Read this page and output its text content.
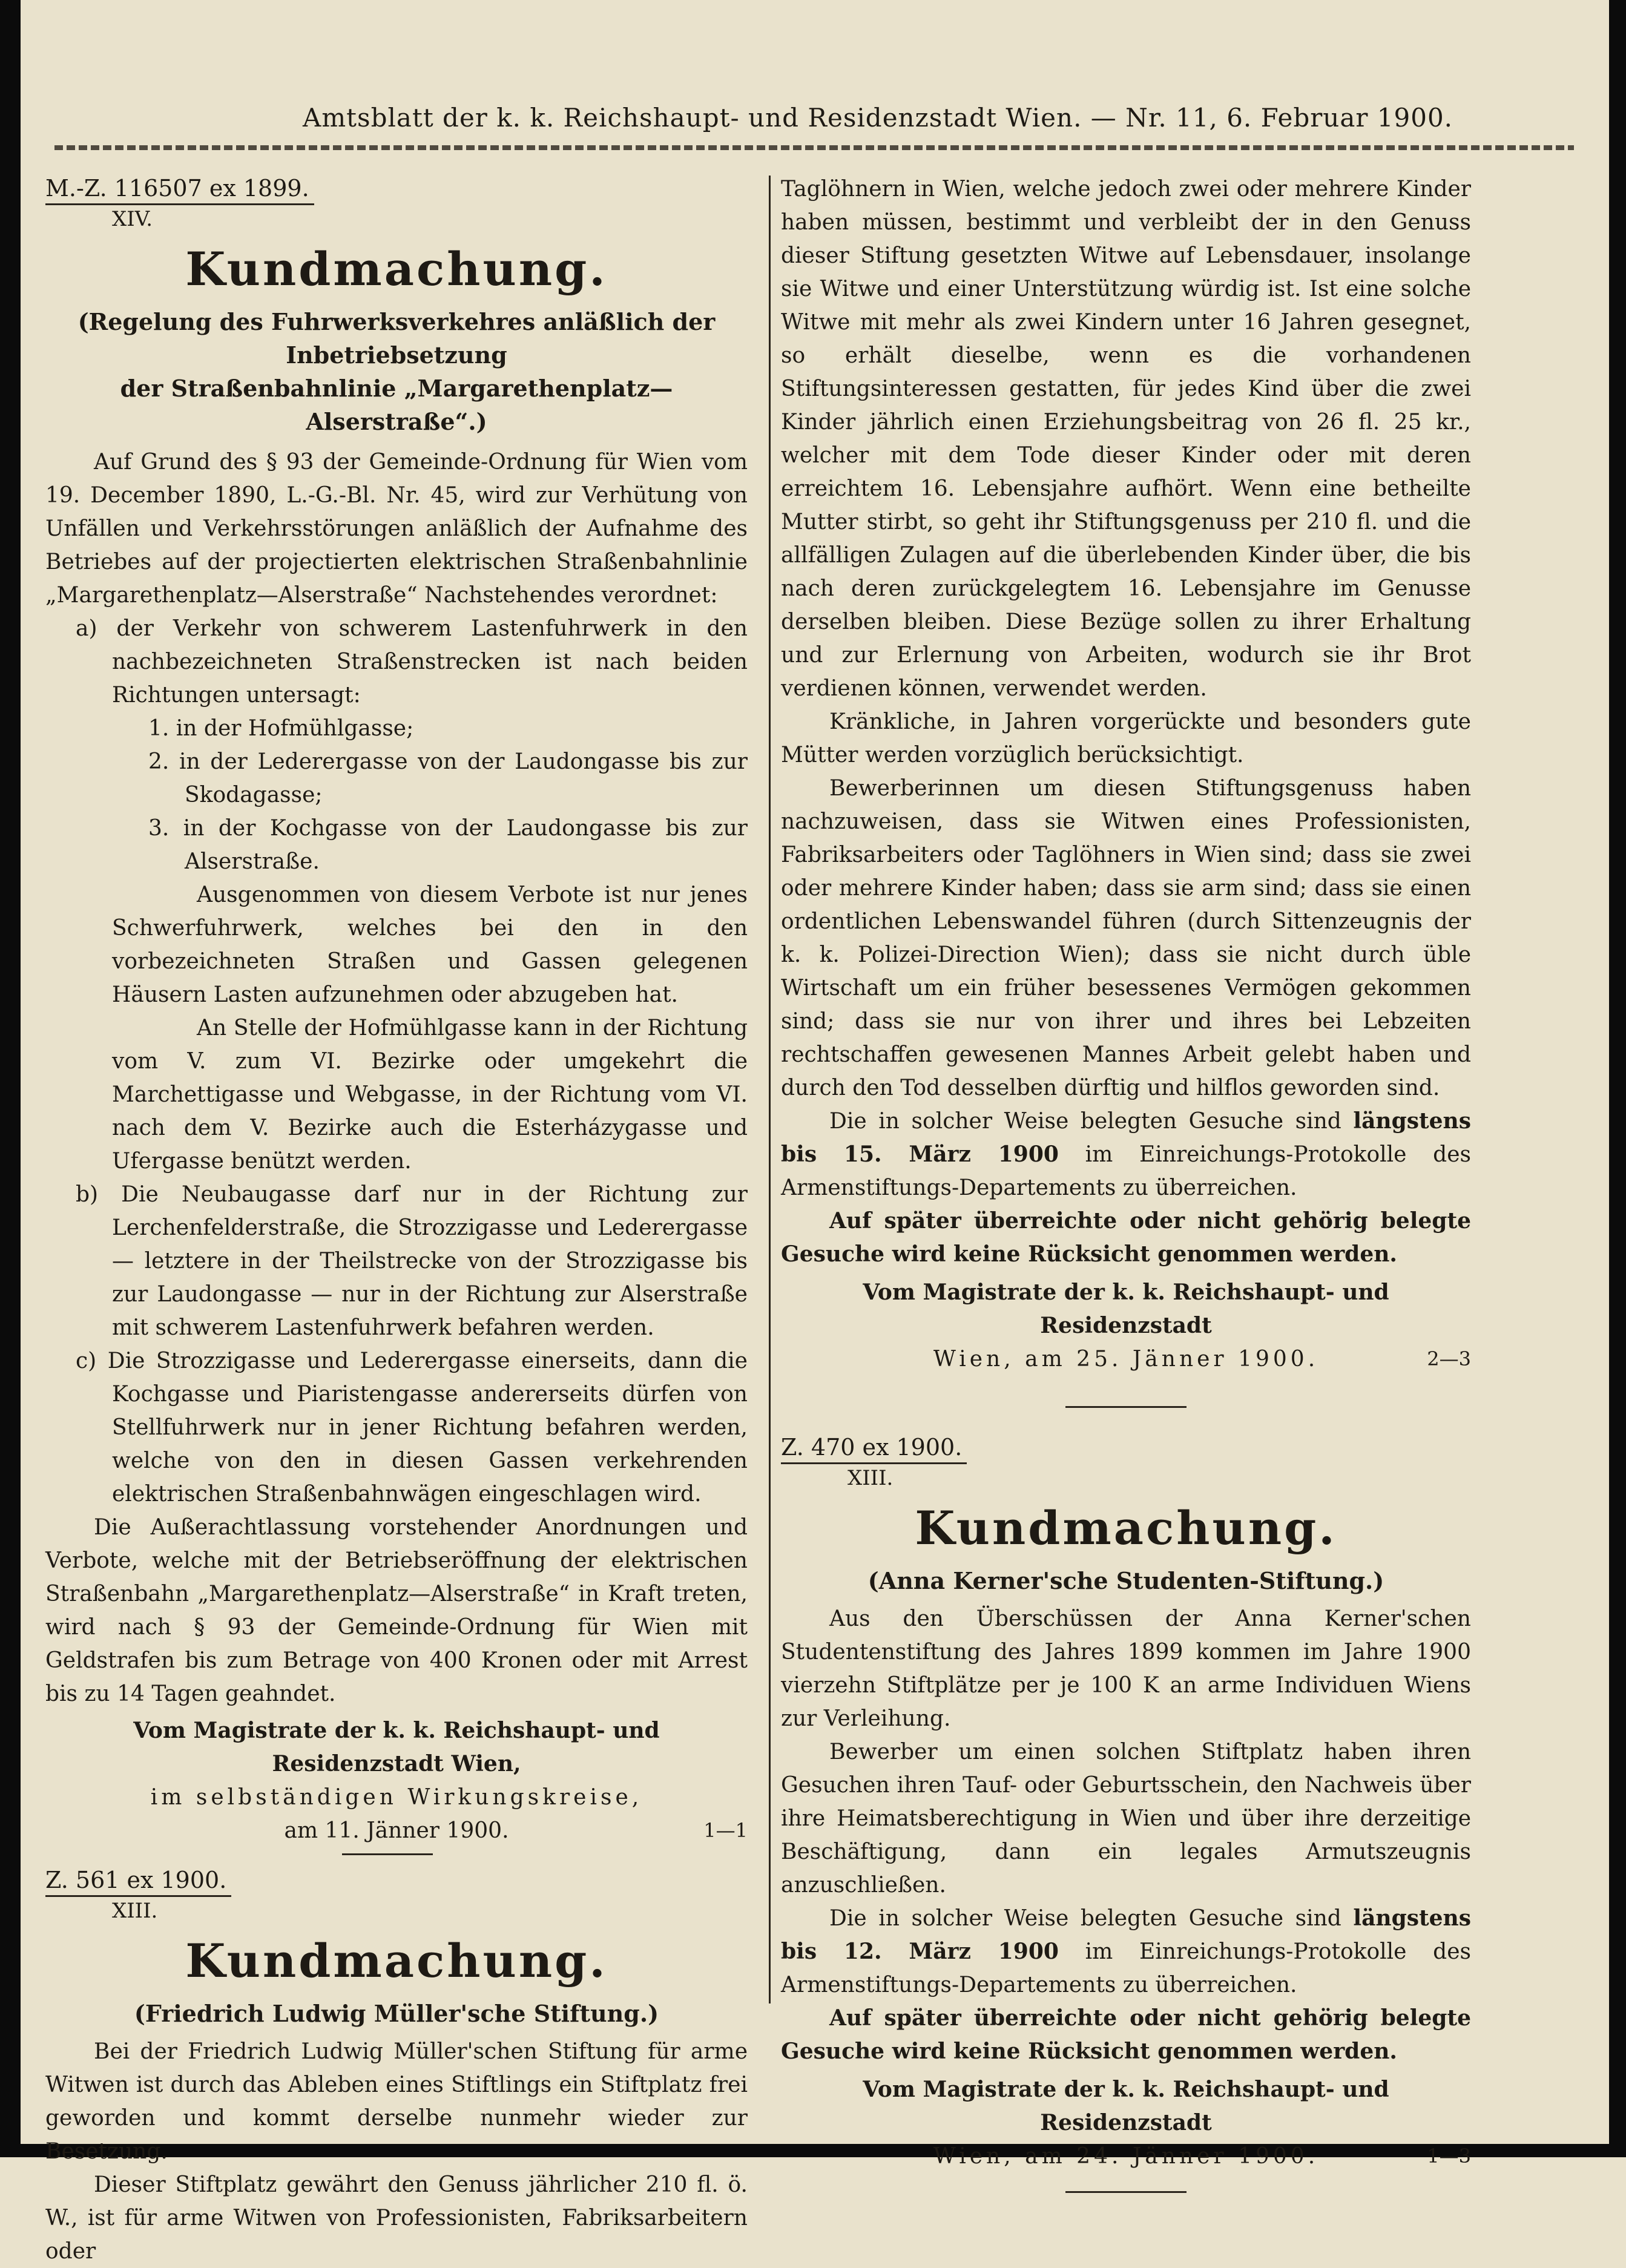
Amtsblatt der k. k. Reichshaupt- und Residenzstadt Wien. — Nr. 11, 6. Februar 1900.
M.-Z. 116507 ex 1899.
XIV.
Kundmachung.
(Regelung des Fuhrwerksverkehres anläßlich der Inbetriebsetzung
der Straßenbahnlinie „Margarethenplatz—Alserstraße“.)

Auf Grund des § 93 der Gemeinde-Ordnung für Wien vom 19. December 1890, L.-G.-Bl. Nr. 45, wird zur Verhütung von Unfällen und Verkehrsstörungen anläßlich der Aufnahme des Betriebes auf der projectierten elektrischen Straßenbahnlinie „Margarethenplatz—Alserstraße“ Nachstehendes verordnet:

a) der Verkehr von schwerem Lastenfuhrwerk in den nachbezeichneten Straßenstrecken ist nach beiden Richtungen untersagt:

1. in der Hofmühlgasse;

2. in der Lederergasse von der Laudongasse bis zur Skodagasse;

3. in der Kochgasse von der Laudongasse bis zur Alserstraße.

Ausgenommen von diesem Verbote ist nur jenes Schwerfuhrwerk, welches bei den in den vorbezeichneten Straßen und Gassen gelegenen Häusern Lasten aufzunehmen oder abzugeben hat.

An Stelle der Hofmühlgasse kann in der Richtung vom V. zum VI. Bezirke oder umgekehrt die Marchettigasse und Webgasse, in der Richtung vom VI. nach dem V. Bezirke auch die Esterházygasse und Ufergasse benützt werden.

b) Die Neubaugasse darf nur in der Richtung zur Lerchenfelderstraße, die Strozzigasse und Lederergasse — letztere in der Theilstrecke von der Strozzigasse bis zur Laudongasse — nur in der Richtung zur Alserstraße mit schwerem Lastenfuhrwerk befahren werden.

c) Die Strozzigasse und Lederergasse einerseits, dann die Kochgasse und Piaristengasse andererseits dürfen von Stellfuhrwerk nur in jener Richtung befahren werden, welche von den in diesen Gassen verkehrenden elektrischen Straßenbahnwägen eingeschlagen wird.

Die Außerachtlassung vorstehender Anordnungen und Verbote, welche mit der Betriebseröffnung der elektrischen Straßenbahn „Margarethenplatz—Alserstraße“ in Kraft treten, wird nach § 93 der Gemeinde-Ordnung für Wien mit Geldstrafen bis zum Betrage von 400 Kronen oder mit Arrest bis zu 14 Tagen geahndet.

Vom Magistrate der k. k. Reichshaupt- und Residenzstadt Wien,
im selbständigen Wirkungskreise,
am 11. Jänner 1900.	1—1
Z. 561 ex 1900.
XIII.
Kundmachung.
(Friedrich Ludwig Müller'sche Stiftung.)

Bei der Friedrich Ludwig Müller'schen Stiftung für arme Witwen ist durch das Ableben eines Stiftlings ein Stiftplatz frei geworden und kommt derselbe nunmehr wieder zur Besetzung.

Dieser Stiftplatz gewährt den Genuss jährlicher 210 fl. ö. W., ist für arme Witwen von Professionisten, Fabriksarbeitern oder

Taglöhnern in Wien, welche jedoch zwei oder mehrere Kinder haben müssen, bestimmt und verbleibt der in den Genuss dieser Stiftung gesetzten Witwe auf Lebensdauer, insolange sie Witwe und einer Unterstützung würdig ist. Ist eine solche Witwe mit mehr als zwei Kindern unter 16 Jahren gesegnet, so erhält dieselbe, wenn es die vorhandenen Stiftungsinteressen gestatten, für jedes Kind über die zwei Kinder jährlich einen Erziehungsbeitrag von 26 fl. 25 kr., welcher mit dem Tode dieser Kinder oder mit deren erreichtem 16. Lebensjahre aufhört. Wenn eine betheilte Mutter stirbt, so geht ihr Stiftungsgenuss per 210 fl. und die allfälligen Zulagen auf die überlebenden Kinder über, die bis nach deren zurückgelegtem 16. Lebensjahre im Genusse derselben bleiben. Diese Bezüge sollen zu ihrer Erhaltung und zur Erlernung von Arbeiten, wodurch sie ihr Brot verdienen können, verwendet werden.

Kränkliche, in Jahren vorgerückte und besonders gute Mütter werden vorzüglich berücksichtigt.

Bewerberinnen um diesen Stiftungsgenuss haben nachzuweisen, dass sie Witwen eines Professionisten, Fabriksarbeiters oder Taglöhners in Wien sind; dass sie zwei oder mehrere Kinder haben; dass sie arm sind; dass sie einen ordentlichen Lebenswandel führen (durch Sittenzeugnis der k. k. Polizei-Direction Wien); dass sie nicht durch üble Wirtschaft um ein früher besessenes Vermögen gekommen sind; dass sie nur von ihrer und ihres bei Lebzeiten rechtschaffen gewesenen Mannes Arbeit gelebt haben und durch den Tod desselben dürftig und hilflos geworden sind.

Die in solcher Weise belegten Gesuche sind längstens bis 15. März 1900 im Einreichungs-Protokolle des Armenstiftungs-Departements zu überreichen.

Auf später überreichte oder nicht gehörig belegte Gesuche wird keine Rücksicht genommen werden.

Vom Magistrate der k. k. Reichshaupt- und Residenzstadt
Wien, am 25. Jänner 1900.	2—3
Z. 470 ex 1900.
XIII.
Kundmachung.
(Anna Kerner'sche Studenten-Stiftung.)

Aus den Überschüssen der Anna Kerner'schen Studentenstiftung des Jahres 1899 kommen im Jahre 1900 vierzehn Stiftplätze per je 100 K an arme Individuen Wiens zur Verleihung.

Bewerber um einen solchen Stiftplatz haben ihren Gesuchen ihren Tauf- oder Geburtsschein, den Nachweis über ihre Heimatsberechtigung in Wien und über ihre derzeitige Beschäftigung, dann ein legales Armutszeugnis anzuschließen.

Die in solcher Weise belegten Gesuche sind längstens bis 12. März 1900 im Einreichungs-Protokolle des Armenstiftungs-Departements zu überreichen.

Auf später überreichte oder nicht gehörig belegte Gesuche wird keine Rücksicht genommen werden.

Vom Magistrate der k. k. Reichshaupt- und Residenzstadt
Wien, am 24. Jänner 1900.	1—3
